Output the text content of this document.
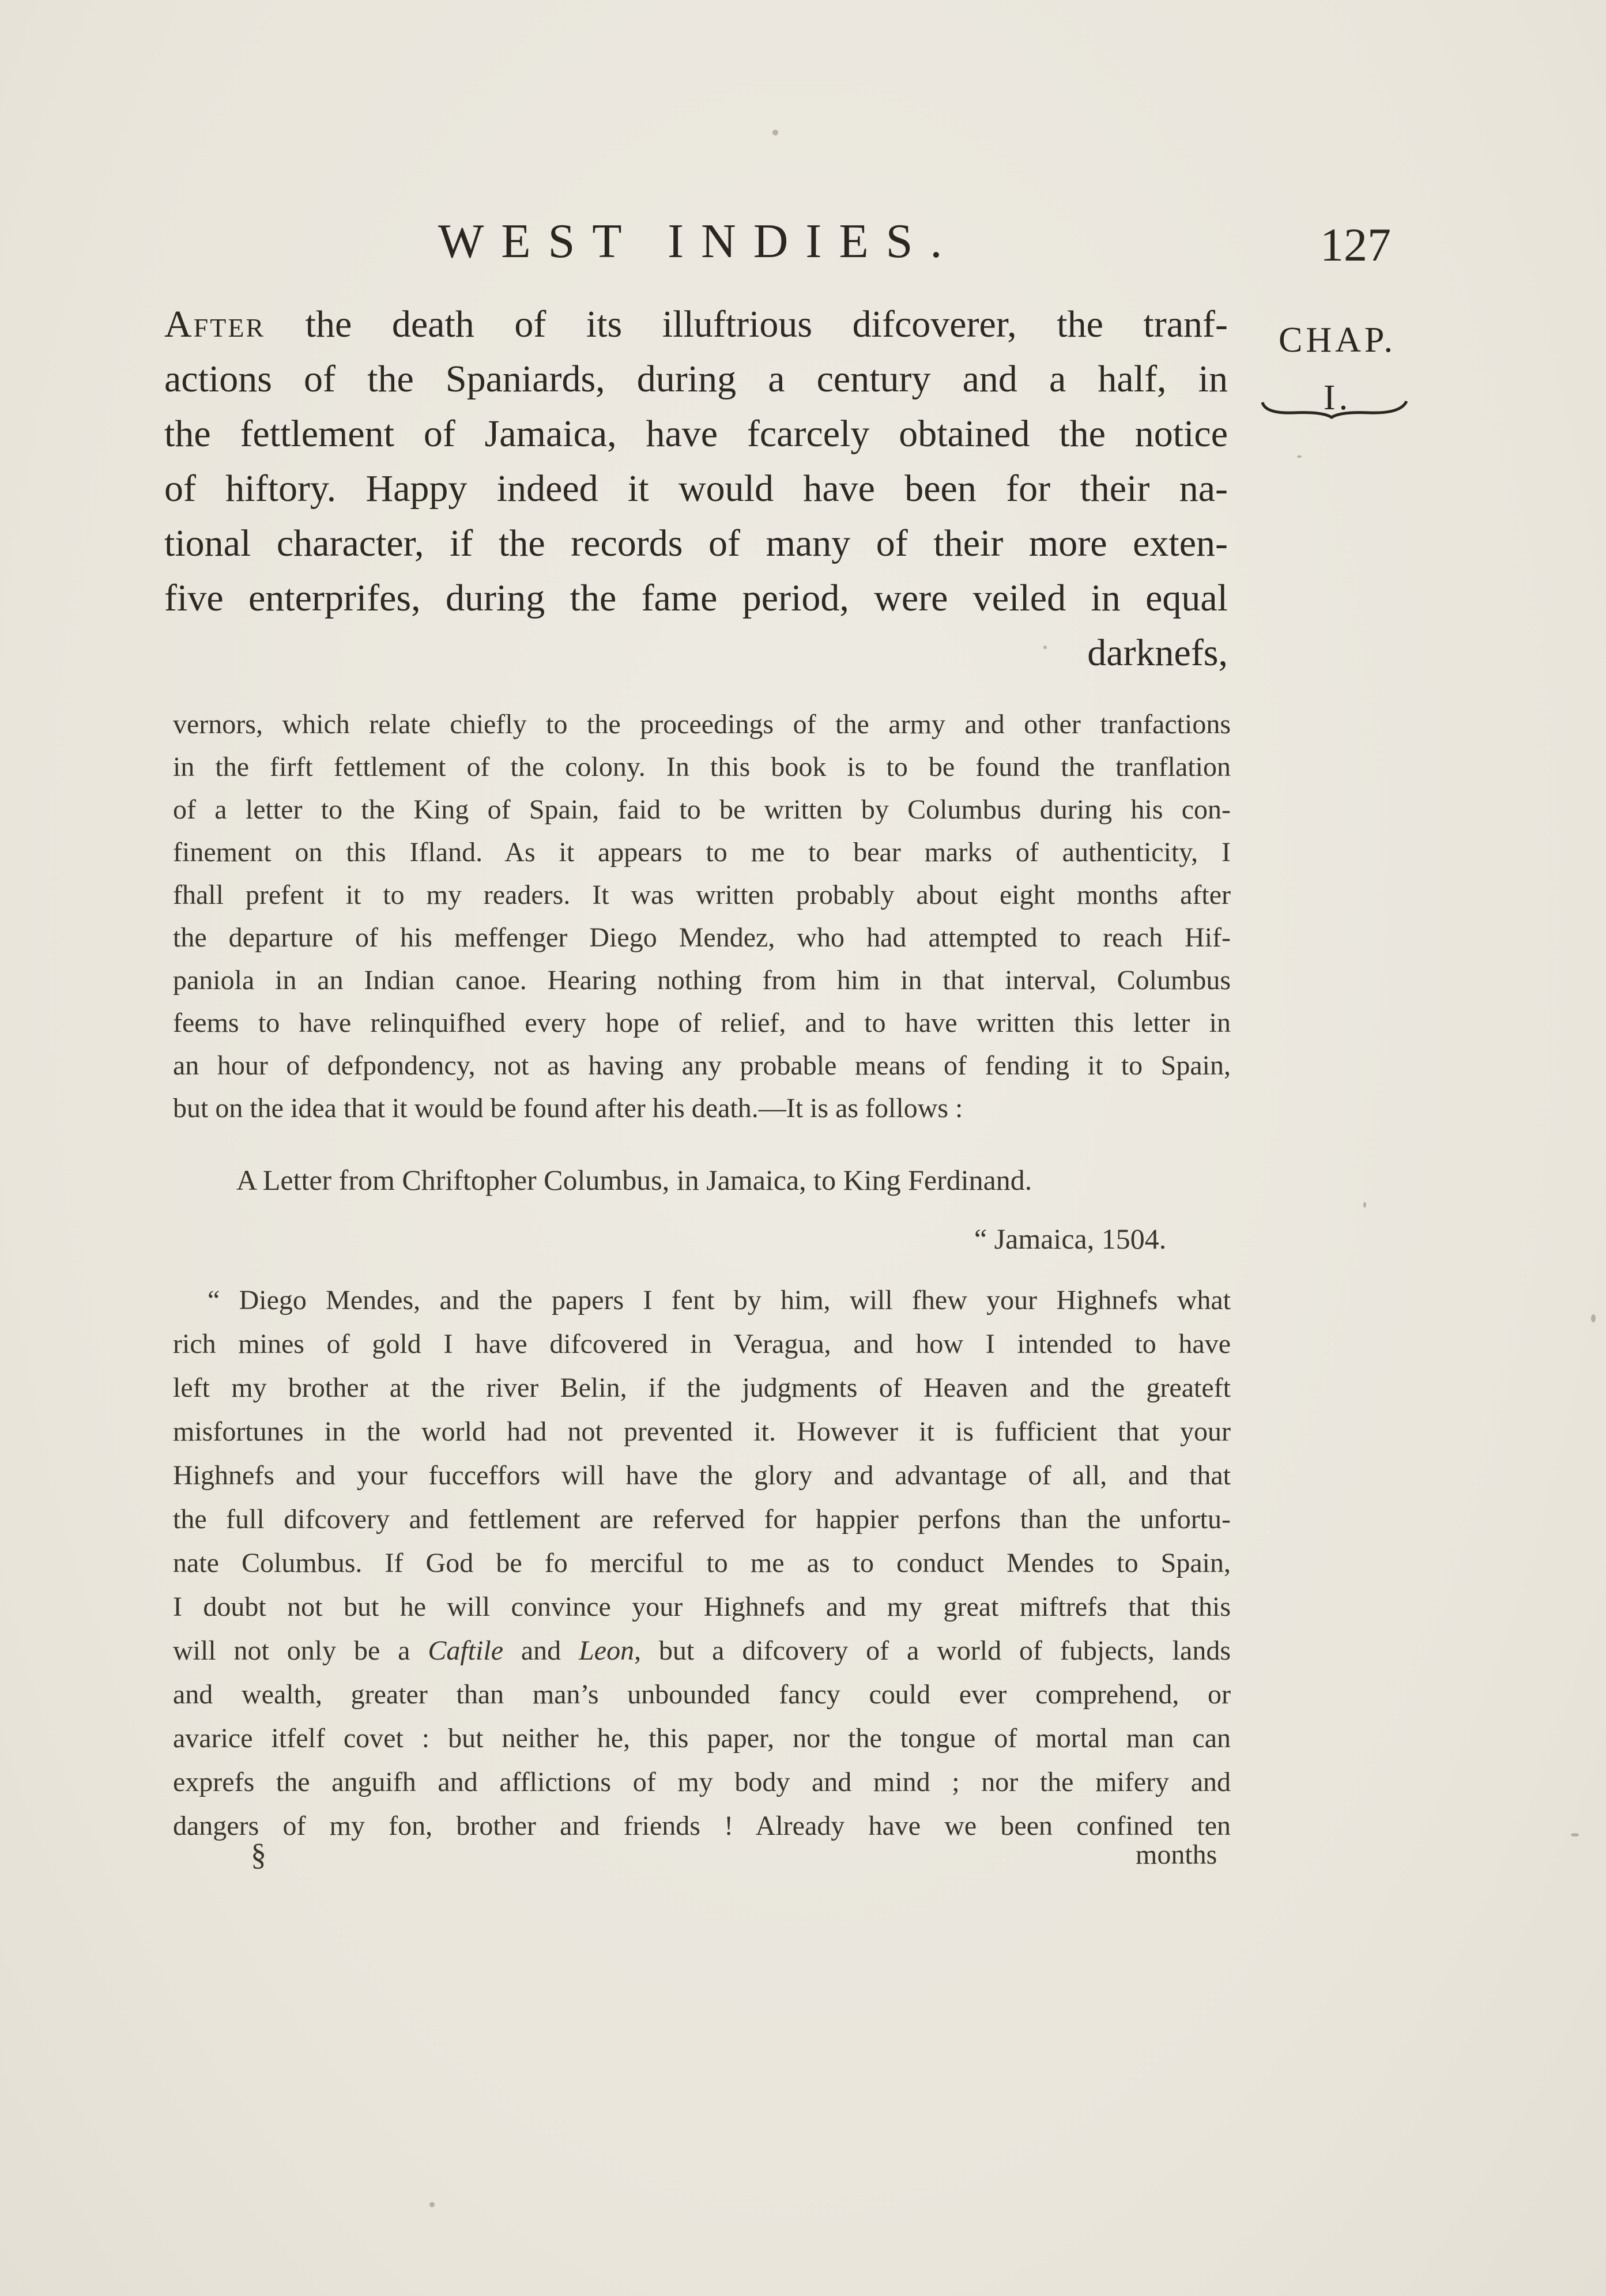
WEST INDIES.	127
CHAP.
I.
After the death of its illuftrious difcoverer, the tranf-
actions of the Spaniards, during a century and a half, in
the fettlement of Jamaica, have fcarcely obtained the notice
of hiftory. Happy indeed it would have been for their na-
tional character, if the records of many of their more exten-
five enterprifes, during the fame period, were veiled in equal
darknefs,
vernors, which relate chiefly to the proceedings of the army and other tranfactions
in the firft fettlement of the colony. In this book is to be found the tranflation
of a letter to the King of Spain, faid to be written by Columbus during his con-
finement on this Ifland. As it appears to me to bear marks of authenticity, I
fhall prefent it to my readers. It was written probably about eight months after
the departure of his meffenger Diego Mendez, who had attempted to reach Hif-
paniola in an Indian canoe. Hearing nothing from him in that interval, Columbus
feems to have relinquifhed every hope of relief, and to have written this letter in
an hour of defpondency, not as having any probable means of fending it to Spain,
but on the idea that it would be found after his death.—It is as follows :
A Letter from Chriftopher Columbus, in Jamaica, to King Ferdinand.
“ Jamaica, 1504.
“ Diego Mendes, and the papers I fent by him, will fhew your Highnefs what
rich mines of gold I have difcovered in Veragua, and how I intended to have
left my brother at the river Belin, if the judgments of Heaven and the greateft
misfortunes in the world had not prevented it. However it is fufficient that your
Highnefs and your fucceffors will have the glory and advantage of all, and that
the full difcovery and fettlement are referved for happier perfons than the unfortu-
nate Columbus. If God be fo merciful to me as to conduct Mendes to Spain,
I doubt not but he will convince your Highnefs and my great miftrefs that this
will not only be a Caftile and Leon, but a difcovery of a world of fubjects, lands
and wealth, greater than man’s unbounded fancy could ever comprehend, or
avarice itfelf covet : but neither he, this paper, nor the tongue of mortal man can
exprefs the anguifh and afflictions of my body and mind ; nor the mifery and
dangers of my fon, brother and friends ! Already have we been confined ten
§	months
